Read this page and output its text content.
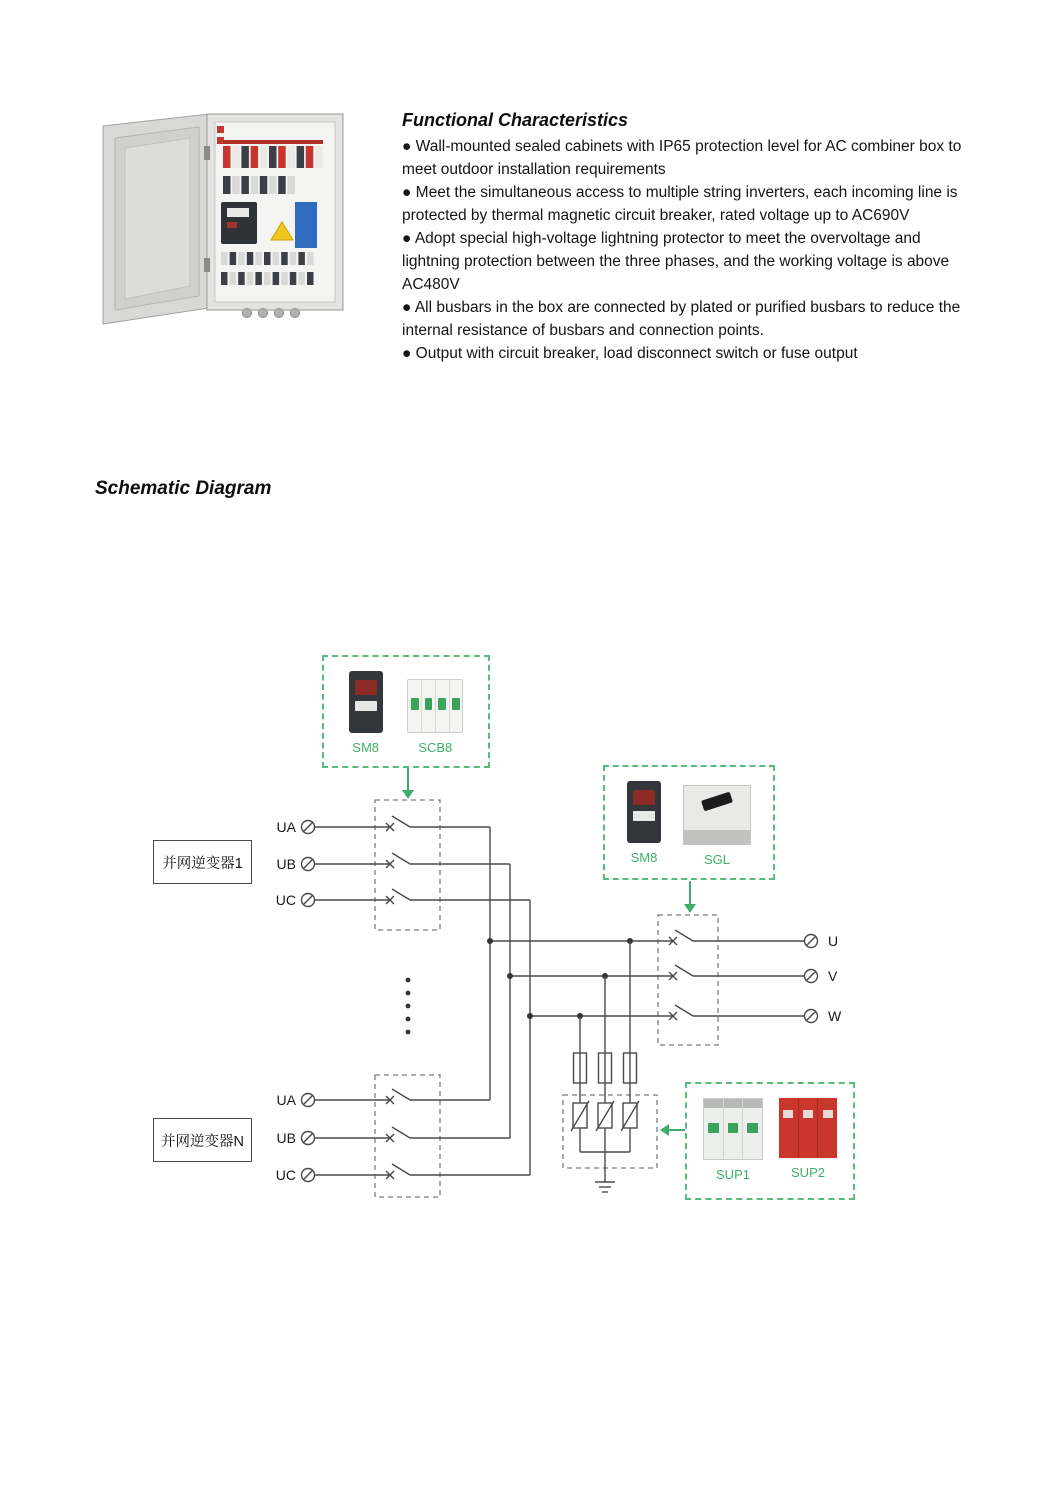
Functional Characteristics

● Wall-mounted sealed cabinets with IP65 protection level for AC combiner box to meet outdoor installation requirements

● Meet the simultaneous access to multiple string inverters, each incoming line is protected by thermal magnetic circuit breaker, rated voltage up to AC690V

● Adopt special high-voltage lightning protector to meet the overvoltage and lightning protection between the three phases, and the working voltage is above AC480V

● All busbars in the box are connected by plated or purified busbars to reduce the internal resistance of busbars and connection points.

● Output with circuit breaker, load disconnect switch or fuse output

Schematic Diagram
UA
UB
UC
UA
UB
UC
U
V
W
并网逆变器1
并网逆变器N
SM8	SCB8
SM8	SGL
SUP1	SUP2
